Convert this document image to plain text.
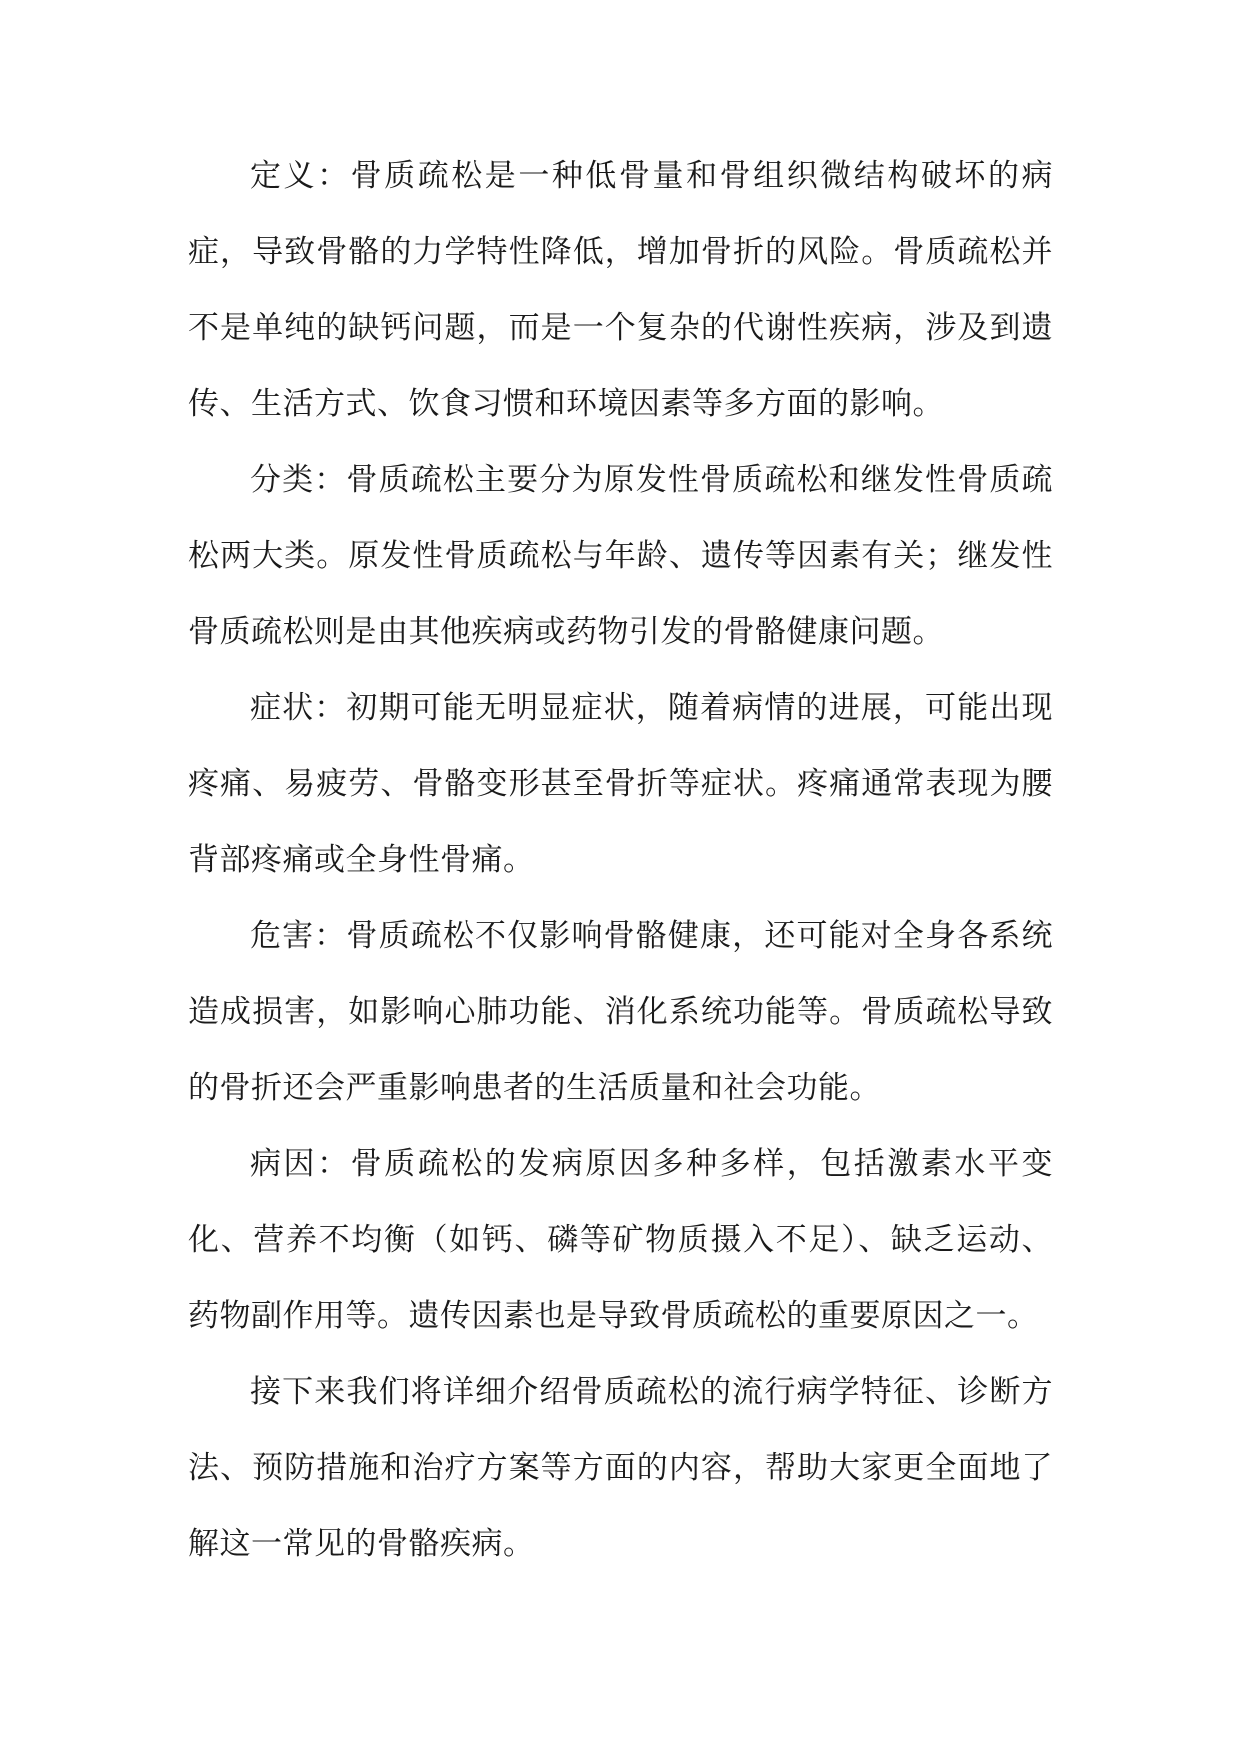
定义：骨质疏松是一种低骨量和骨组织微结构破坏的病症，导致骨骼的力学特性降低，增加骨折的风险。骨质疏松并不是单纯的缺钙问题，而是一个复杂的代谢性疾病，涉及到遗传、生活方式、饮食习惯和环境因素等多方面的影响。

分类：骨质疏松主要分为原发性骨质疏松和继发性骨质疏松两大类。原发性骨质疏松与年龄、遗传等因素有关；继发性骨质疏松则是由其他疾病或药物引发的骨骼健康问题。

症状：初期可能无明显症状，随着病情的进展，可能出现疼痛、易疲劳、骨骼变形甚至骨折等症状。疼痛通常表现为腰背部疼痛或全身性骨痛。

危害：骨质疏松不仅影响骨骼健康，还可能对全身各系统造成损害，如影响心肺功能、消化系统功能等。骨质疏松导致的骨折还会严重影响患者的生活质量和社会功能。

病因：骨质疏松的发病原因多种多样，包括激素水平变化、营养不均衡（如钙、磷等矿物质摄入不足）、缺乏运动、药物副作用等。遗传因素也是导致骨质疏松的重要原因之一。

接下来我们将详细介绍骨质疏松的流行病学特征、诊断方法、预防措施和治疗方案等方面的内容，帮助大家更全面地了解这一常见的骨骼疾病。
